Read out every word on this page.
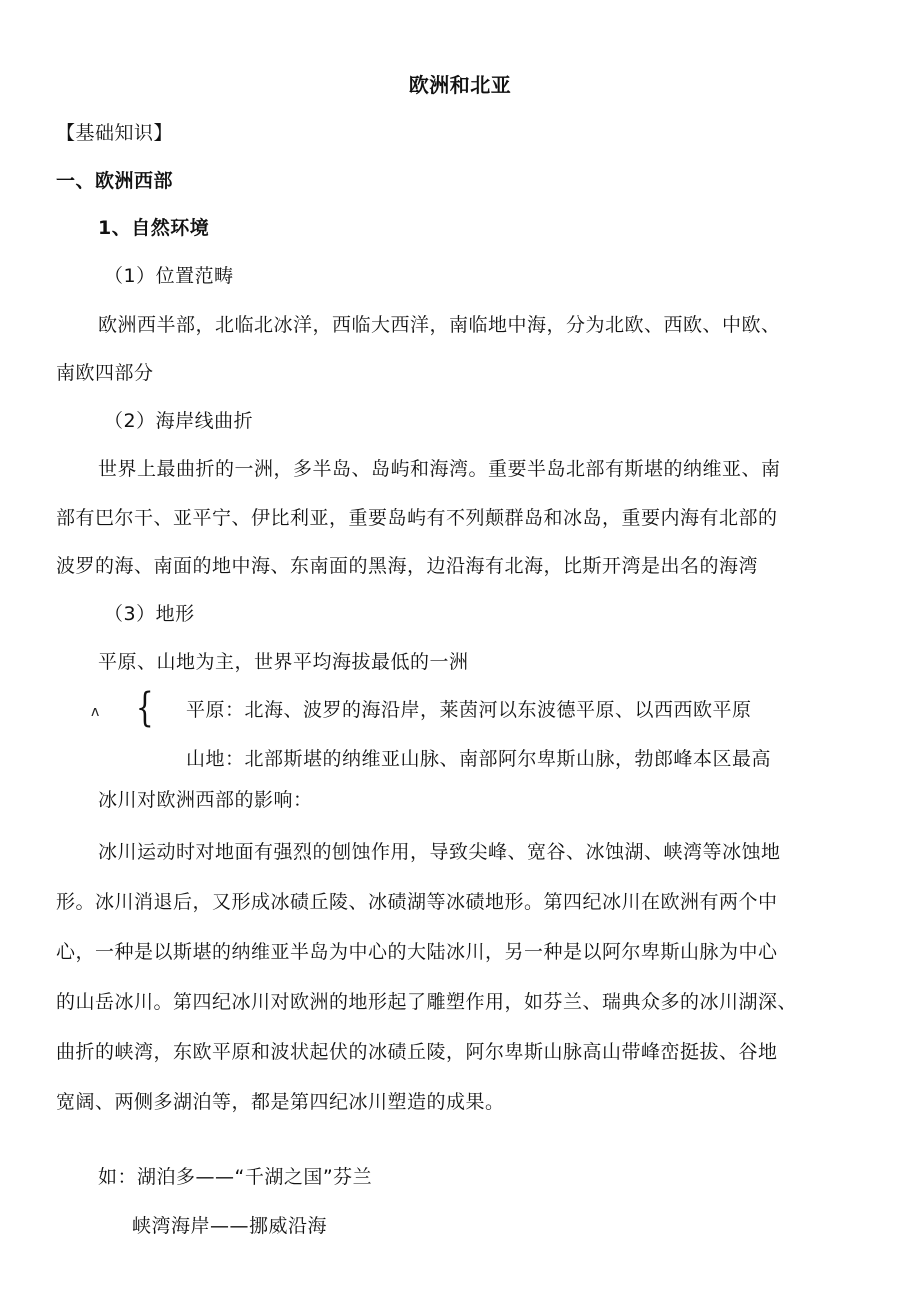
欧洲和北亚
【基础知识】
一、欧洲西部
1、自然环境
（1）位置范畴
欧洲西半部，北临北冰洋，西临大西洋，南临地中海，分为北欧、西欧、中欧、
南欧四部分
（2）海岸线曲折
世界上最曲折的一洲，多半岛、岛屿和海湾。重要半岛北部有斯堪的纳维亚、南
部有巴尔干、亚平宁、伊比利亚，重要岛屿有不列颠群岛和冰岛，重要内海有北部的
波罗的海、南面的地中海、东南面的黑海，边沿海有北海，比斯开湾是出名的海湾
（3）地形
平原、山地为主，世界平均海拔最低的一洲
ʌ { 平原：北海、波罗的海沿岸，莱茵河以东波德平原、以西西欧平原
山地：北部斯堪的纳维亚山脉、南部阿尔卑斯山脉，勃郎峰本区最高
冰川对欧洲西部的影响：
冰川运动时对地面有强烈的刨蚀作用，导致尖峰、宽谷、冰蚀湖、峡湾等冰蚀地
形。冰川消退后，又形成冰碛丘陵、冰碛湖等冰碛地形。第四纪冰川在欧洲有两个中
心，一种是以斯堪的纳维亚半岛为中心的大陆冰川，另一种是以阿尔卑斯山脉为中心
的山岳冰川。第四纪冰川对欧洲的地形起了雕塑作用，如芬兰、瑞典众多的冰川湖深、
曲折的峡湾，东欧平原和波状起伏的冰碛丘陵，阿尔卑斯山脉高山带峰峦挺拔、谷地
宽阔、两侧多湖泊等，都是第四纪冰川塑造的成果。
如：湖泊多——“千湖之国”芬兰
峡湾海岸——挪威沿海
